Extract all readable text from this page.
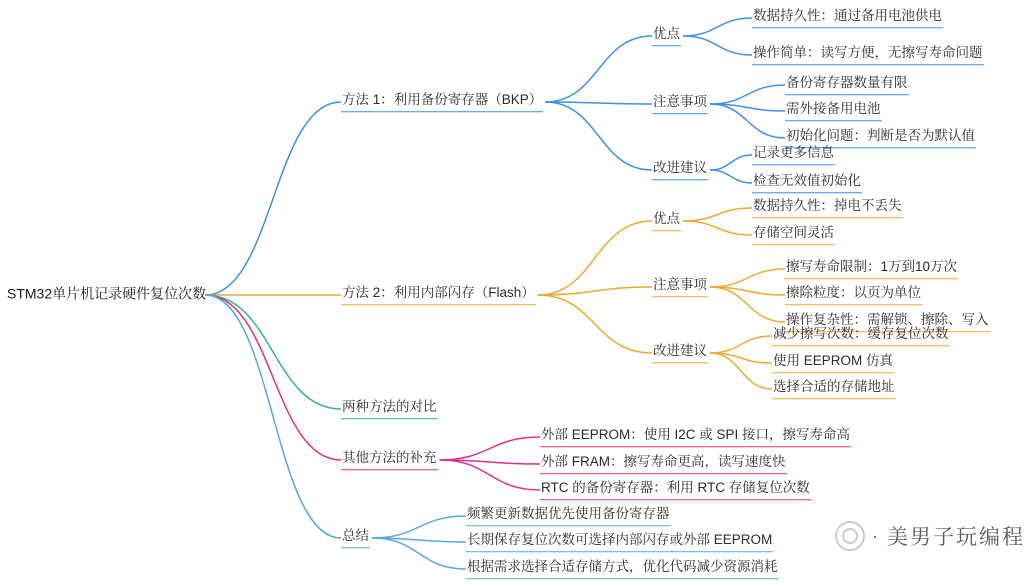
STM32单片机记录硬件复位次数
方法 1：利用备份寄存器（BKP）
优点
数据持久性：通过备用电池供电
操作简单：读写方便，无擦写寿命问题
注意事项
备份寄存器数量有限
需外接备用电池
初始化问题：判断是否为默认值
改进建议
记录更多信息
检查无效值初始化
方法 2：利用内部闪存（Flash）
优点
数据持久性：掉电不丢失
存储空间灵活
注意事项
擦写寿命限制：1万到10万次
擦除粒度：以页为单位
操作复杂性：需解锁、擦除、写入
改进建议
减少擦写次数：缓存复位次数
使用 EEPROM 仿真
选择合适的存储地址
两种方法的对比
其他方法的补充
外部 EEPROM：使用 I2C 或 SPI 接口，擦写寿命高
外部 FRAM：擦写寿命更高，读写速度快
RTC 的备份寄存器：利用 RTC 存储复位次数
总结
频繁更新数据优先使用备份寄存器
长期保存复位次数可选择内部闪存或外部 EEPROM
根据需求选择合适存储方式，优化代码减少资源消耗
· 美男子玩编程
